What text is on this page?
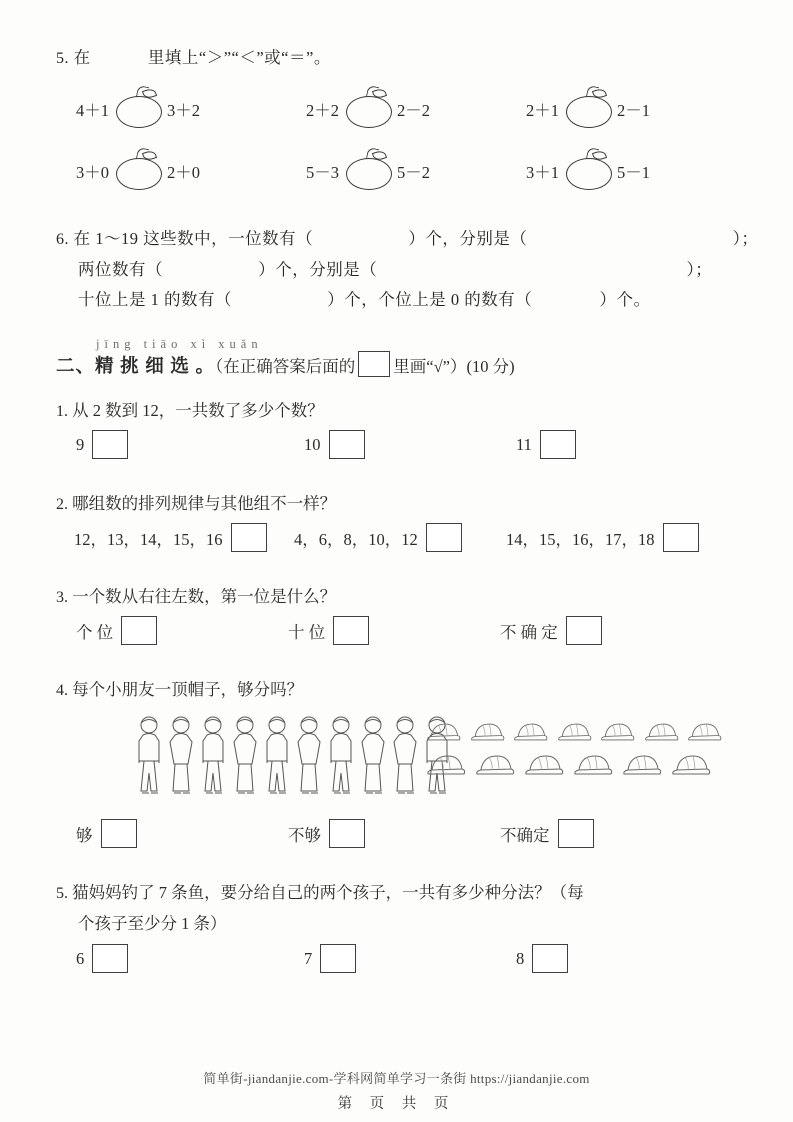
5. 在	里填上“＞”“＜”或“＝”。
4＋1	3＋2	2＋2	2－2	2＋1	2－1
3＋0	2＋0	5－3	5－2	3＋1	5－1
6. 在 1～19 这些数中，一位数有（	）个，分别是（	）；
两位数有（	）个，分别是（	）；
十位上是 1 的数有（	）个，个位上是 0 的数有（	）个。
jīng tiāo xì xuǎn
二、精 挑 细 选 。（在正确答案后面的 里画“√”）(10 分)
1. 从 2 数到 12，一共数了多少个数？
9	10	11
2. 哪组数的排列规律与其他组不一样？
12，13，14，15，16	4，6，8，10，12	14，15，16，17，18
3. 一个数从右往左数，第一位是什么？
个 位	十 位	不 确 定
4. 每个小朋友一顶帽子，够分吗？
够	不够	不确定
5. 猫妈妈钓了 7 条鱼，要分给自己的两个孩子，一共有多少种分法？（每
个孩子至少分 1 条）
6	7	8
简单街-jiandanjie.com-学科网简单学习一条街 https://jiandanjie.com
第 页 共 页
